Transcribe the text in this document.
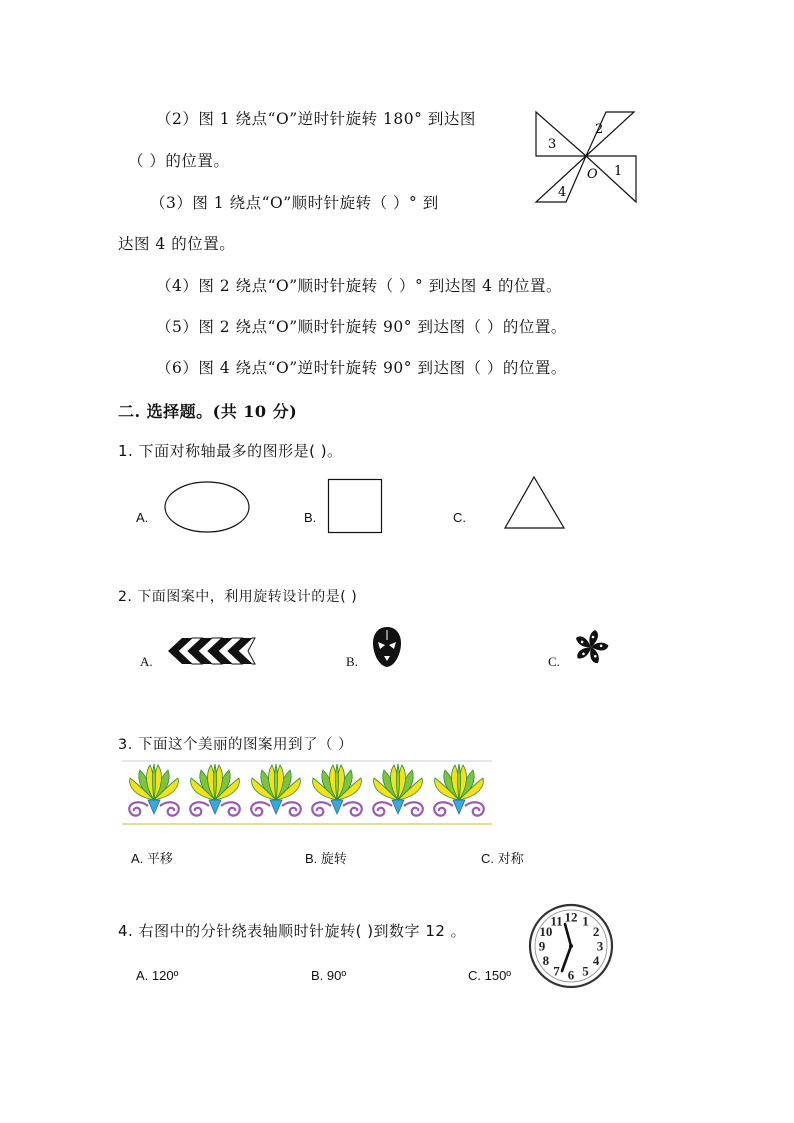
（2）图 1 绕点“O”逆时针旋转 180° 到达图
（ ）的位置。
（3）图 1 绕点“O”顺时针旋转（ ）° 到
达图 4 的位置。
（4）图 2 绕点“O”顺时针旋转（ ）° 到达图 4 的位置。
（5）图 2 绕点“O”顺时针旋转 90° 到达图（ ）的位置。
（6）图 4 绕点“O”逆时针旋转 90° 到达图（ ）的位置。
2
3
1
4
O
二. 选择题。(共 10 分)
1. 下面对称轴最多的图形是( )。
A.	B.	C.
2. 下面图案中，利用旋转设计的是( )
A.	B.	C.
3. 下面这个美丽的图案用到了（ ）
A. 平移	B. 旋转	C. 对称
4. 右图中的分针绕表轴顺时针旋转( )到数字 12 。
A. 120º	B. 90º	C. 150º
12 1
2
3
4
5
6
7
8
9
10
11
